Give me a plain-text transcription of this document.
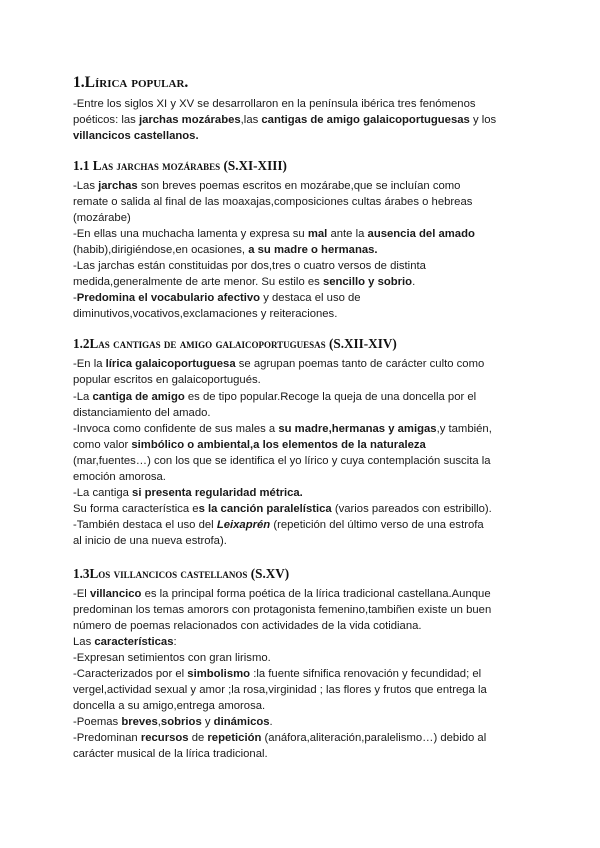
1.Lírica popular.
-Entre los siglos XI y XV se desarrollaron en la península ibérica tres fenómenos
poéticos: las jarchas mozárabes,las cantigas de amigo galaicoportuguesas y los
villancicos castellanos.
1.1 Las jarchas mozárabes (S.XI-XIII)
-Las jarchas son breves poemas escritos en mozárabe,que se incluían como
remate o salida al final de las moaxajas,composiciones cultas árabes o hebreas
(mozárabe)
-En ellas una muchacha lamenta y expresa su mal ante la ausencia del amado
(habib),dirigiéndose,en ocasiones, a su madre o hermanas.
-Las jarchas están constituidas por dos,tres o cuatro versos de distinta
medida,generalmente de arte menor. Su estilo es sencillo y sobrio.
-Predomina el vocabulario afectivo y destaca el uso de
diminutivos,vocativos,exclamaciones y reiteraciones.
1.2Las cantigas de amigo galaicoportuguesas (S.XII-XIV)
-En la lírica galaicoportuguesa se agrupan poemas tanto de carácter culto como
popular escritos en galaicoportugués.
-La cantiga de amigo es de tipo popular.Recoge la queja de una doncella por el
distanciamiento del amado.
-Invoca como confidente de sus males a su madre,hermanas y amigas,y también,
como valor simbólico o ambiental,a los elementos de la naturaleza
(mar,fuentes…) con los que se identifica el yo lírico y cuya contemplación suscita la
emoción amorosa.
-La cantiga si presenta regularidad métrica.
Su forma característica es la canción paralelística (varios pareados con estribillo).
-También destaca el uso del Leixaprén (repetición del último verso de una estrofa
al inicio de una nueva estrofa).
1.3Los villancicos castellanos (S.XV)
-El villancico es la principal forma poética de la lírica tradicional castellana.Aunque
predominan los temas amorors con protagonista femenino,tambiñen existe un buen
número de poemas relacionados con actividades de la vida cotidiana.
Las características:
-Expresan setimientos con gran lirismo.
-Caracterizados por el simbolismo :la fuente sifnifica renovación y fecundidad; el
vergel,actividad sexual y amor ;la rosa,virginidad ; las flores y frutos que entrega la
doncella a su amigo,entrega amorosa.
-Poemas breves,sobrios y dinámicos.
-Predominan recursos de repetición (anáfora,aliteración,paralelismo…) debido al
carácter musical de la lírica tradicional.
